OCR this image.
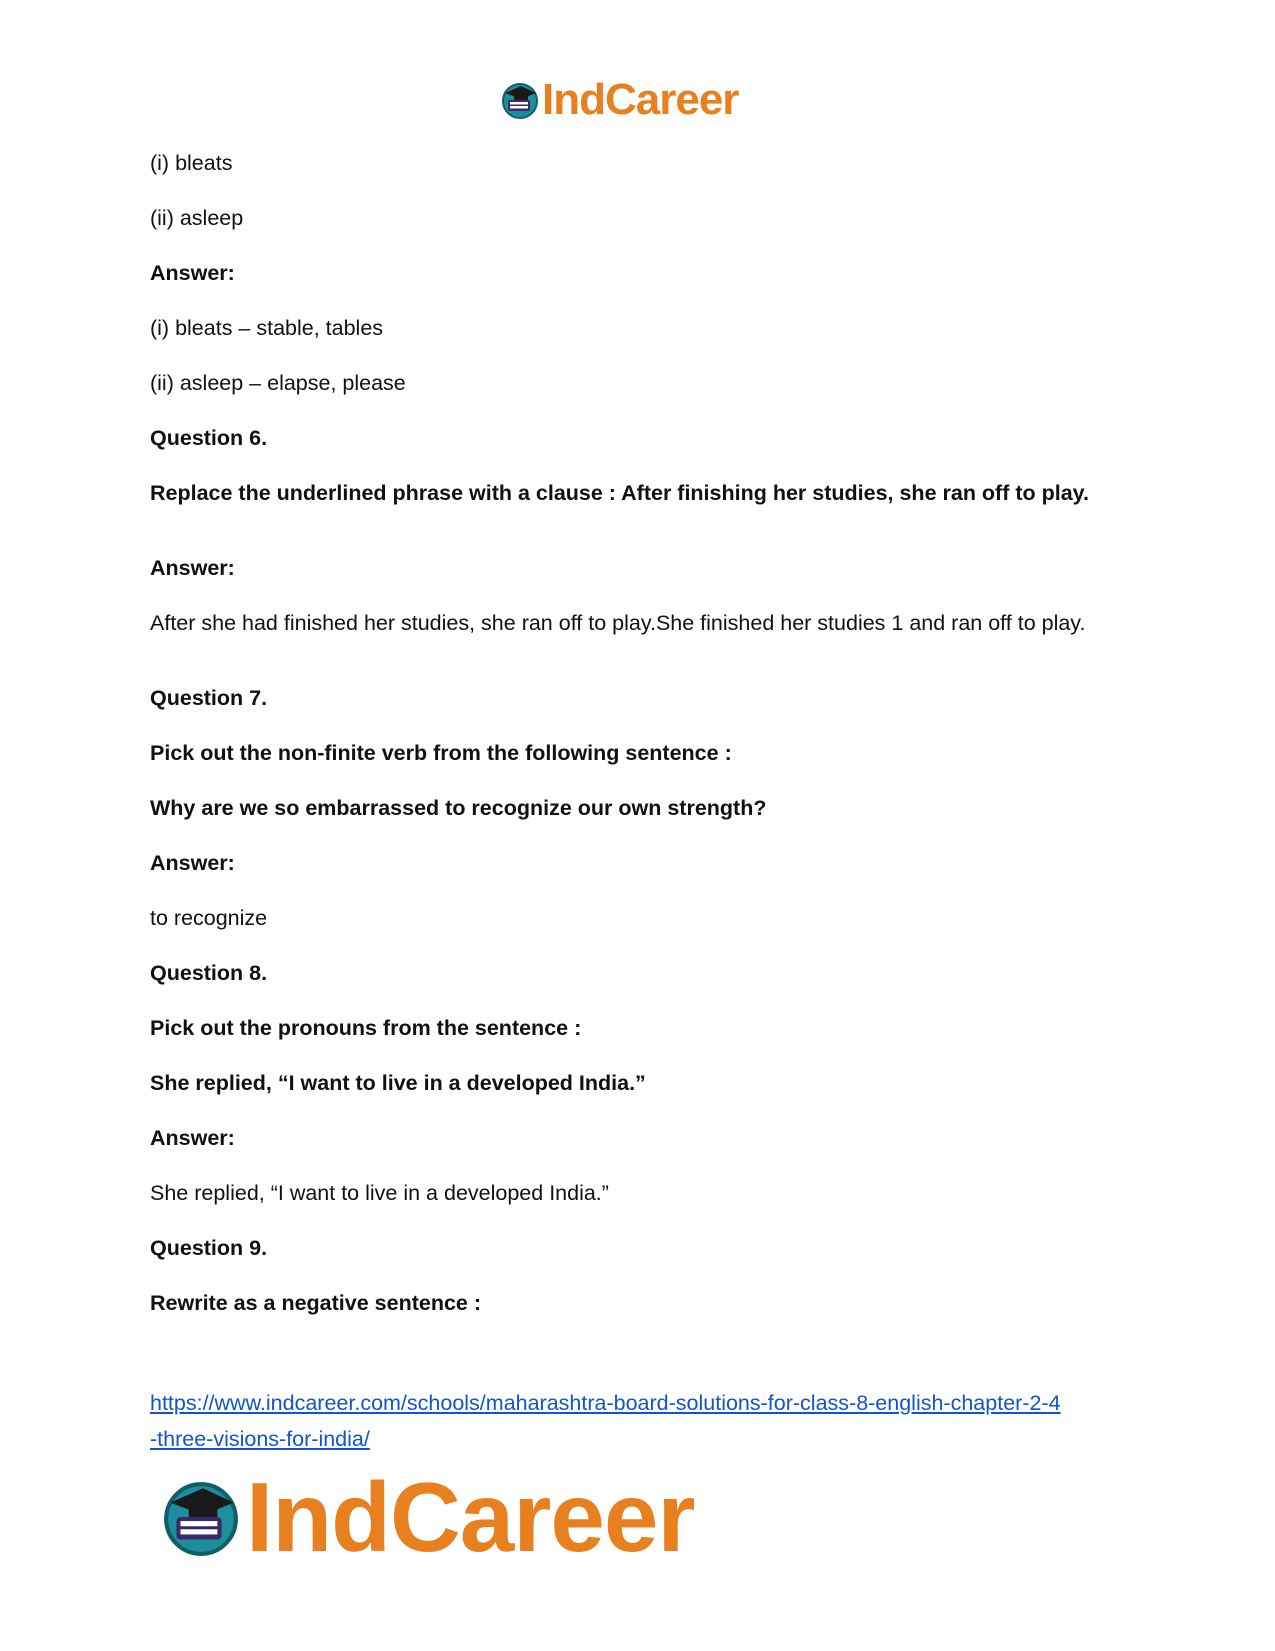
IndCareer

(i) bleats

(ii) asleep

Answer:

(i) bleats – stable, tables

(ii) asleep – elapse, please

Question 6.

Replace the underlined phrase with a clause : After finishing her studies, she ran off to play.

Answer:

After she had finished her studies, she ran off to play.She finished her studies 1 and ran off to play.

Question 7.

Pick out the non-finite verb from the following sentence :

Why are we so embarrassed to recognize our own strength?

Answer:

to recognize

Question 8.

Pick out the pronouns from the sentence :

She replied, “I want to live in a developed India.”

Answer:

She replied, “I want to live in a developed India.”

Question 9.

Rewrite as a negative sentence :

https://www.indcareer.com/schools/maharashtra-board-solutions-for-class-8-english-chapter-2-4
-three-visions-for-india/
IndCareer
